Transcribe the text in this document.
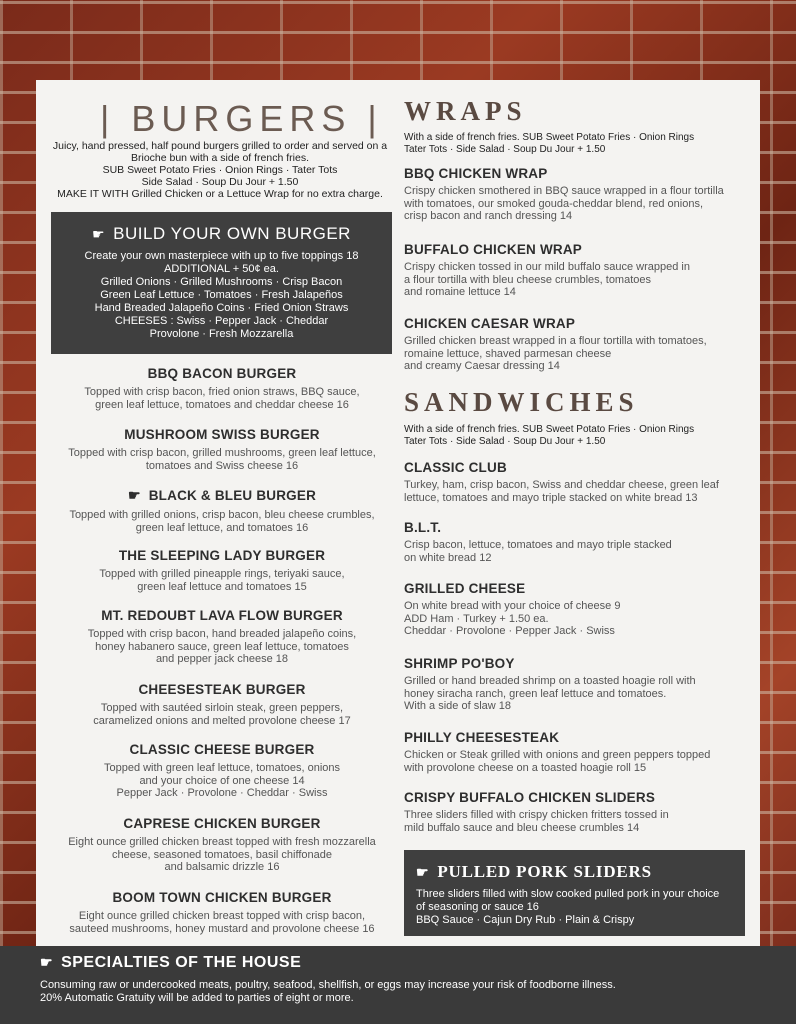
| BURGERS |
Juicy, hand pressed, half pound burgers grilled to order and served on a
Brioche bun with a side of french fries.
SUB Sweet Potato Fries · Onion Rings · Tater Tots
Side Salad · Soup Du Jour + 1.50
MAKE IT WITH Grilled Chicken or a Lettuce Wrap for no extra charge.
☛ BUILD YOUR OWN BURGER
Create your own masterpiece with up to five toppings 18
ADDITIONAL + 50¢ ea.
Grilled Onions · Grilled Mushrooms · Crisp Bacon
Green Leaf Lettuce · Tomatoes · Fresh Jalapeños
Hand Breaded Jalapeño Coins · Fried Onion Straws
CHEESES : Swiss · Pepper Jack · Cheddar
Provolone · Fresh Mozzarella
BBQ BACON BURGER
Topped with crisp bacon, fried onion straws, BBQ sauce,
green leaf lettuce, tomatoes and cheddar cheese 16
MUSHROOM SWISS BURGER
Topped with crisp bacon, grilled mushrooms, green leaf lettuce,
tomatoes and Swiss cheese 16
☛ BLACK & BLEU BURGER
Topped with grilled onions, crisp bacon, bleu cheese crumbles,
green leaf lettuce, and tomatoes 16
THE SLEEPING LADY BURGER
Topped with grilled pineapple rings, teriyaki sauce,
green leaf lettuce and tomatoes 15
MT. REDOUBT LAVA FLOW BURGER
Topped with crisp bacon, hand breaded jalapeño coins,
honey habanero sauce, green leaf lettuce, tomatoes
and pepper jack cheese 18
CHEESESTEAK BURGER
Topped with sautéed sirloin steak, green peppers,
caramelized onions and melted provolone cheese 17
CLASSIC CHEESE BURGER
Topped with green leaf lettuce, tomatoes, onions
and your choice of one cheese 14
Pepper Jack · Provolone · Cheddar · Swiss
CAPRESE CHICKEN BURGER
Eight ounce grilled chicken breast topped with fresh mozzarella
cheese, seasoned tomatoes, basil chiffonade
and balsamic drizzle 16
BOOM TOWN CHICKEN BURGER
Eight ounce grilled chicken breast topped with crisp bacon,
sauteed mushrooms, honey mustard and provolone cheese 16
WRAPS
With a side of french fries. SUB Sweet Potato Fries · Onion Rings
Tater Tots · Side Salad · Soup Du Jour + 1.50
BBQ CHICKEN WRAP
Crispy chicken smothered in BBQ sauce wrapped in a flour tortilla
with tomatoes, our smoked gouda-cheddar blend, red onions,
crisp bacon and ranch dressing 14
BUFFALO CHICKEN WRAP
Crispy chicken tossed in our mild buffalo sauce wrapped in
a flour tortilla with bleu cheese crumbles, tomatoes
and romaine lettuce 14
CHICKEN CAESAR WRAP
Grilled chicken breast wrapped in a flour tortilla with tomatoes,
romaine lettuce, shaved parmesan cheese
and creamy Caesar dressing 14
SANDWICHES
With a side of french fries. SUB Sweet Potato Fries · Onion Rings
Tater Tots · Side Salad · Soup Du Jour + 1.50
CLASSIC CLUB
Turkey, ham, crisp bacon, Swiss and cheddar cheese, green leaf
lettuce, tomatoes and mayo triple stacked on white bread 13
B.L.T.
Crisp bacon, lettuce, tomatoes and mayo triple stacked
on white bread 12
GRILLED CHEESE
On white bread with your choice of cheese 9
ADD Ham · Turkey + 1.50 ea.
Cheddar · Provolone · Pepper Jack · Swiss
SHRIMP PO'BOY
Grilled or hand breaded shrimp on a toasted hoagie roll with
honey siracha ranch, green leaf lettuce and tomatoes.
With a side of slaw 18
PHILLY CHEESESTEAK
Chicken or Steak grilled with onions and green peppers topped
with provolone cheese on a toasted hoagie roll 15
CRISPY BUFFALO CHICKEN SLIDERS
Three sliders filled with crispy chicken fritters tossed in
mild buffalo sauce and bleu cheese crumbles 14
☛ PULLED PORK SLIDERS
Three sliders filled with slow cooked pulled pork in your choice
of seasoning or sauce 16
BBQ Sauce · Cajun Dry Rub · Plain & Crispy
☛ SPECIALTIES OF THE HOUSE
Consuming raw or undercooked meats, poultry, seafood, shellfish, or eggs may increase your risk of foodborne illness.
20% Automatic Gratuity will be added to parties of eight or more.
